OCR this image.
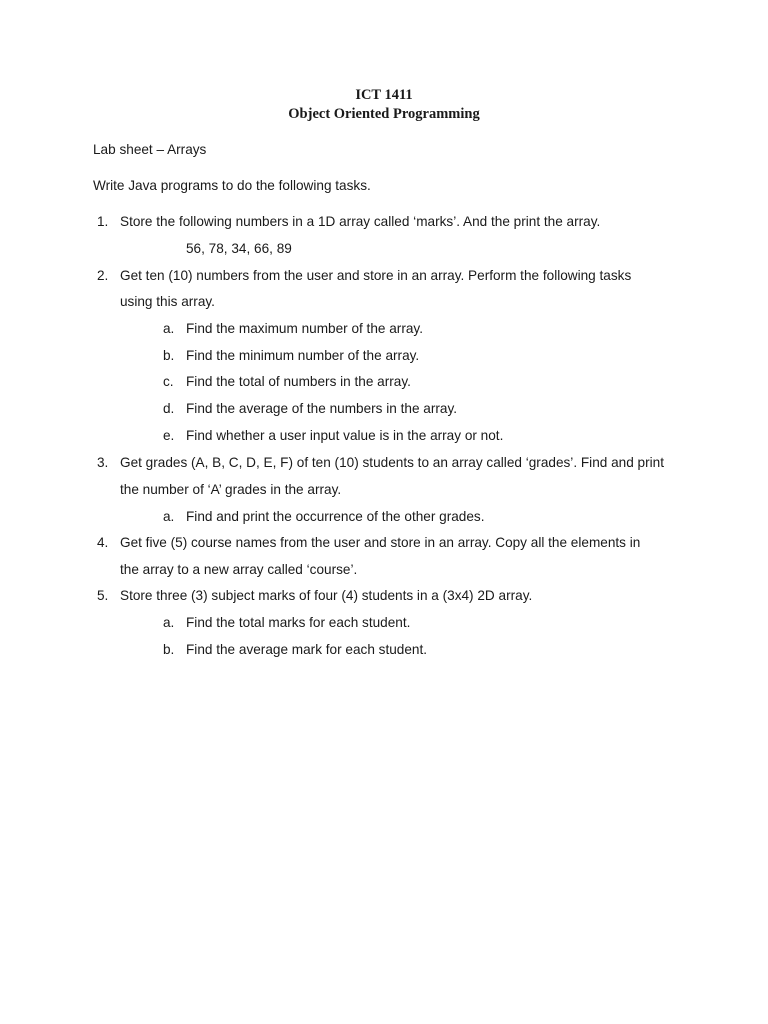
ICT 1411
Object Oriented Programming
Lab sheet – Arrays
Write Java programs to do the following tasks.
1. Store the following numbers in a 1D array called ‘marks’. And the print the array.
56, 78, 34, 66, 89
2. Get ten (10) numbers from the user and store in an array. Perform the following tasks
using this array.
a. Find the maximum number of the array.
b. Find the minimum number of the array.
c. Find the total of numbers in the array.
d. Find the average of the numbers in the array.
e. Find whether a user input value is in the array or not.
3. Get grades (A, B, C, D, E, F) of ten (10) students to an array called ‘grades’. Find and print
the number of ‘A’ grades in the array.
a. Find and print the occurrence of the other grades.
4. Get five (5) course names from the user and store in an array. Copy all the elements in
the array to a new array called ‘course’.
5. Store three (3) subject marks of four (4) students in a (3x4) 2D array.
a. Find the total marks for each student.
b. Find the average mark for each student.
